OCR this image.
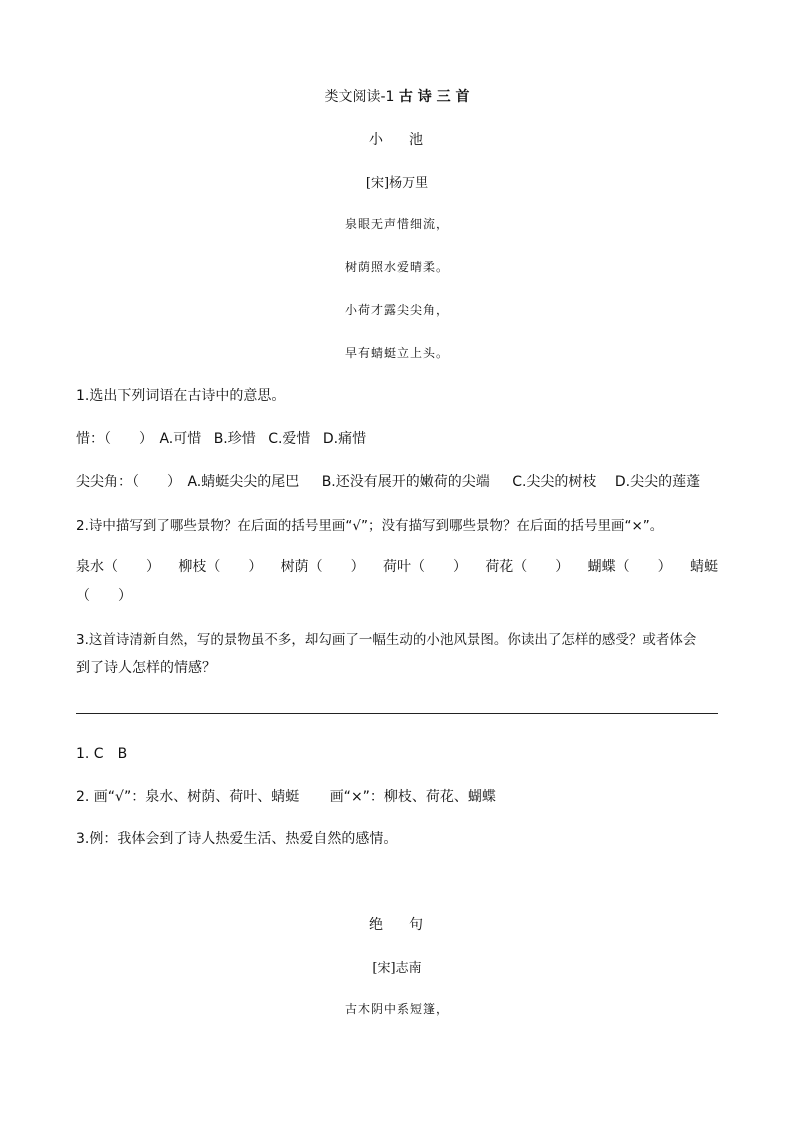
类文阅读-1 古 诗 三 首
小 池
[宋]杨万里
泉眼无声惜细流，
树荫照水爱晴柔。
小荷才露尖尖角，
早有蜻蜓立上头。
1.选出下列词语在古诗中的意思。
惜：（　　） A.可惜 B.珍惜 C.爱惜 D.痛惜
尖尖角：（　　） A.蜻蜓尖尖的尾巴 B.还没有展开的嫩荷的尖端 C.尖尖的树枝 D.尖尖的莲蓬
2.诗中描写到了哪些景物？在后面的括号里画“√”；没有描写到哪些景物？在后面的括号里画“×”。
泉水（　　） 柳枝（　　） 树荫（　　） 荷叶（　　） 荷花（　　） 蝴蝶（　　） 蜻蜓
（　　）
3.这首诗清新自然，写的景物虽不多，却勾画了一幅生动的小池风景图。你读出了怎样的感受？或者体会
到了诗人怎样的情感？
1. C　B
2. 画“√”：泉水、树荫、荷叶、蜻蜓 画“×”：柳枝、荷花、蝴蝶
3.例：我体会到了诗人热爱生活、热爱自然的感情。
绝 句
[宋]志南
古木阴中系短篷，
